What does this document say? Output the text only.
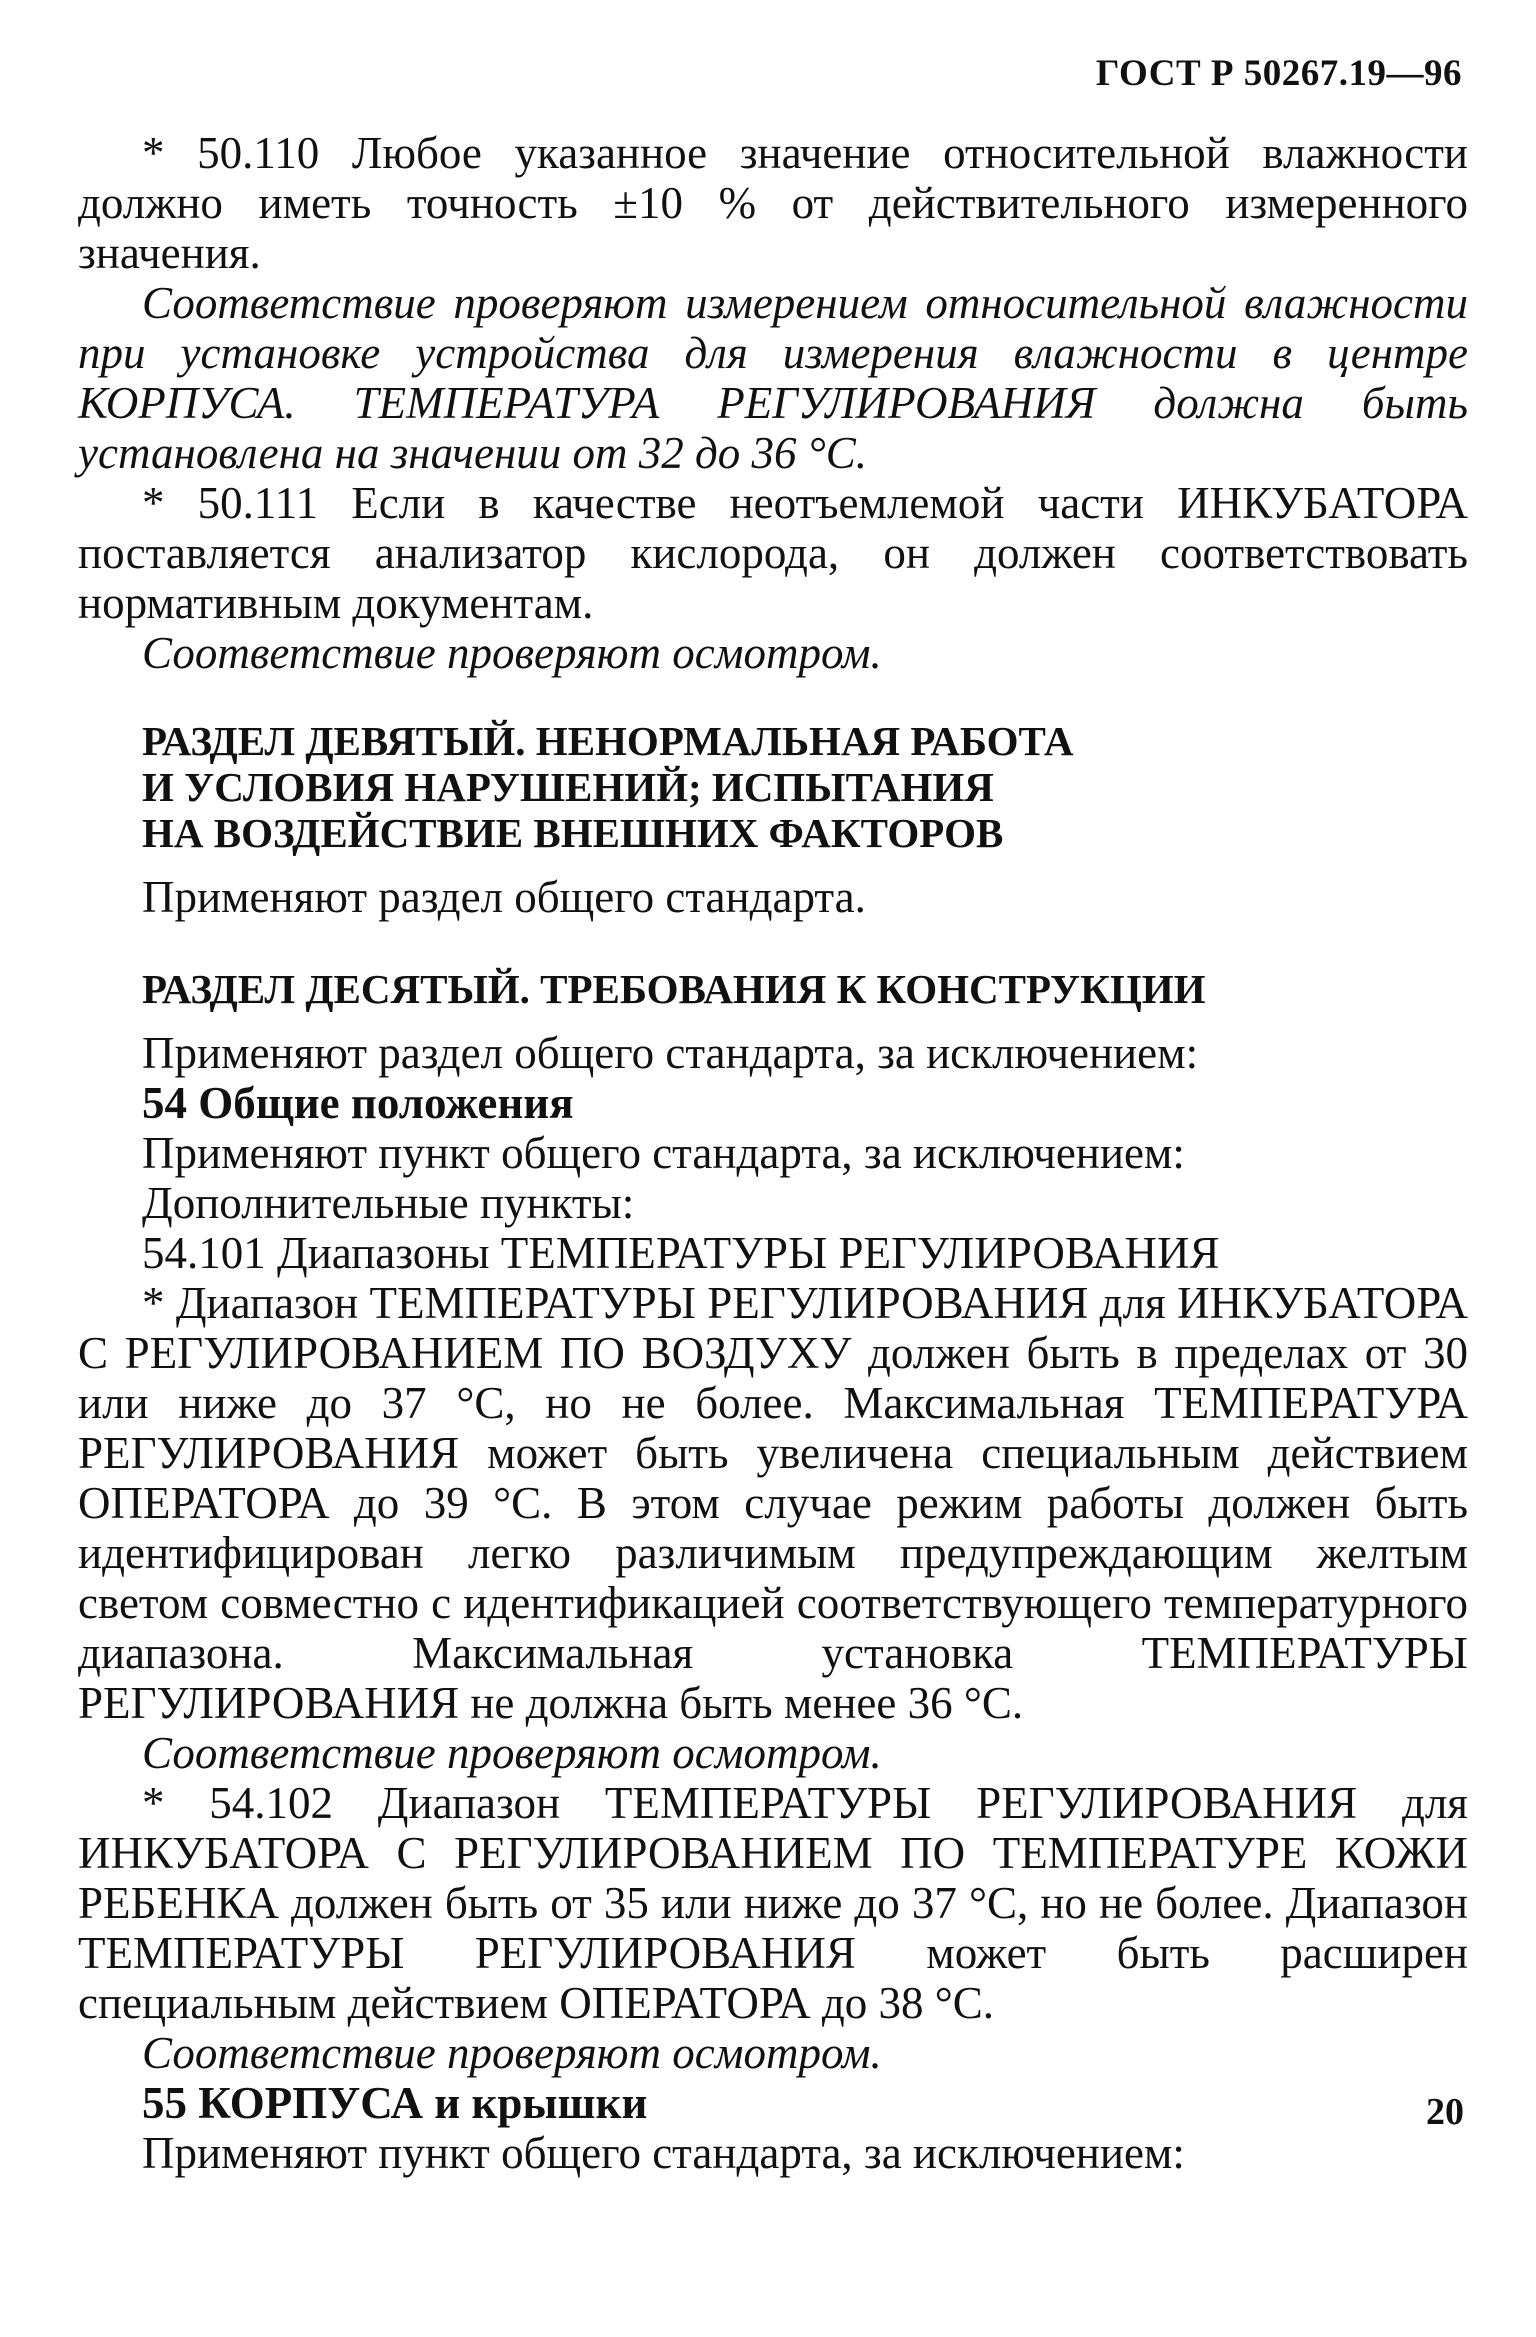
ГОСТ Р 50267.19—96

* 50.110 Любое указанное значение относительной влажности должно иметь точность ±10 % от действительного измеренного значения.

Соответствие проверяют измерением относительной влажности при установке устройства для измерения влажности в центре КОРПУСА. ТЕМПЕРАТУРА РЕГУЛИРОВАНИЯ должна быть установлена на значении от 32 до 36 °С.

* 50.111 Если в качестве неотъемлемой части ИНКУБАТОРА поставляется анализатор кислорода, он должен соответствовать нормативным документам.

Соответствие проверяют осмотром.

РАЗДЕЛ ДЕВЯТЫЙ. НЕНОРМАЛЬНАЯ РАБОТА

И УСЛОВИЯ НАРУШЕНИЙ; ИСПЫТАНИЯ

НА ВОЗДЕЙСТВИЕ ВНЕШНИХ ФАКТОРОВ

Применяют раздел общего стандарта.

РАЗДЕЛ ДЕСЯТЫЙ. ТРЕБОВАНИЯ К КОНСТРУКЦИИ

Применяют раздел общего стандарта, за исключением:

54 Общие положения

Применяют пункт общего стандарта, за исключением:

Дополнительные пункты:

54.101 Диапазоны ТЕМПЕРАТУРЫ РЕГУЛИРОВАНИЯ

* Диапазон ТЕМПЕРАТУРЫ РЕГУЛИРОВАНИЯ для ИНКУБАТОРА С РЕГУЛИРОВАНИЕМ ПО ВОЗДУХУ должен быть в пределах от 30 или ниже до 37 °С, но не более. Максимальная ТЕМПЕРАТУРА РЕГУЛИРОВАНИЯ может быть увеличена специальным действием ОПЕРАТОРА до 39 °С. В этом случае режим работы должен быть идентифицирован легко различимым предупреждающим желтым светом совместно с идентификацией соответствующего температурного диапазона. Максимальная установка ТЕМПЕРАТУРЫ РЕГУЛИРОВАНИЯ не должна быть менее 36 °С.

Соответствие проверяют осмотром.

* 54.102 Диапазон ТЕМПЕРАТУРЫ РЕГУЛИРОВАНИЯ для ИНКУБАТОРА С РЕГУЛИРОВАНИЕМ ПО ТЕМПЕРАТУРЕ КОЖИ РЕБЕНКА должен быть от 35 или ниже до 37 °С, но не более. Диапазон ТЕМПЕРАТУРЫ РЕГУЛИРОВАНИЯ может быть расширен специальным действием ОПЕРАТОРА до 38 °С.

Соответствие проверяют осмотром.

55 КОРПУСА и крышки

Применяют пункт общего стандарта, за исключением:

20
